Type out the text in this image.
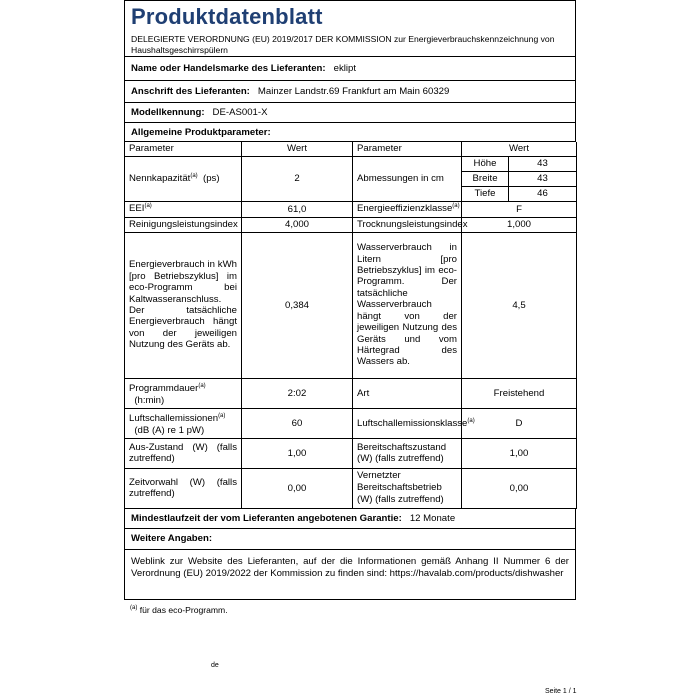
Produktdatenblatt
DELEGIERTE VERORDNUNG (EU) 2019/2017 DER KOMMISSION zur Energieverbrauchskennzeichnung von Haushaltsgeschirrspülern
Name oder Handelsmarke des Lieferanten: eklipt
Anschrift des Lieferanten: Mainzer Landstr.69 Frankfurt am Main 60329
Modellkennung: DE-AS001-X
Allgemeine Produktparameter:
Parameter	Wert	Parameter	Wert	
Nennkapazität$^{(a)}$ (ps)	2	Abmessungen in cm	Höhe	43
			Breite	43
			Tiefe	46
EEI$^{(a)}$	61,0	Energieeffizienzklasse$^{(a)}$	F	
Reinigungsleistungsindex	4,000	Trocknungsleistungsindex	1,000	
Energieverbrauch in kWh [pro Betriebszyklus] im eco-Programm bei Kaltwasseranschluss. Der tatsächliche Energieverbrauch hängt von der jeweiligen Nutzung des Geräts ab.	0,384	Wasserverbrauch in Litern [pro Betriebszyklus] im eco-Programm. Der tatsächliche Wasserverbrauch hängt von der jeweiligen Nutzung des Geräts und vom Härtegrad des Wassers ab.	4,5	
Programmdauer$^{(a)}$
(h:min)	2:02	Art	Freistehend	
Luftschallemissionen$^{(a)}$
(dB (A) re 1 pW)	60	Luftschallemissionsklasse$^{(a)}$	D	
Aus-Zustand (W) (falls zutreffend)	1,00	Bereitschaftszustand (W) (falls zutreffend)	1,00	
Zeitvorwahl (W) (falls zutreffend)	0,00	Vernetzter Bereitschaftsbetrieb (W) (falls zutreffend)	0,00	
Mindestlaufzeit der vom Lieferanten angebotenen Garantie: 12 Monate
Weitere Angaben:
Weblink zur Website des Lieferanten, auf der die Informationen gemäß Anhang II Nummer 6 der Verordnung (EU) 2019/2022 der Kommission zu finden sind: https://havalab.com/products/dishwasher
$^{(a)}$ für das eco-Programm.
de
Seite 1 / 1
